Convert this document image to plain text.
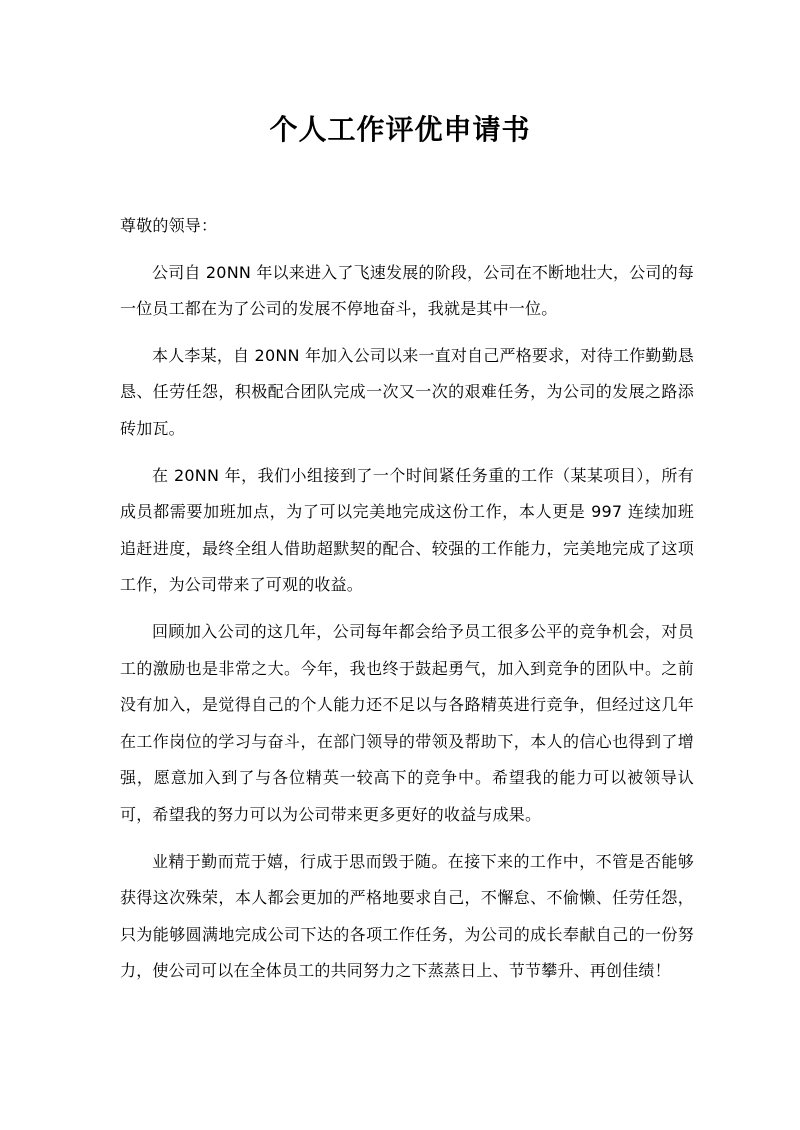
个人工作评优申请书

尊敬的领导：

公司自 20NN 年以来进入了飞速发展的阶段，公司在不断地壮大，公司的每一位员工都在为了公司的发展不停地奋斗，我就是其中一位。

本人李某，自 20NN 年加入公司以来一直对自己严格要求，对待工作勤勤恳恳、任劳任怨，积极配合团队完成一次又一次的艰难任务，为公司的发展之路添砖加瓦。

在 20NN 年，我们小组接到了一个时间紧任务重的工作（某某项目），所有成员都需要加班加点，为了可以完美地完成这份工作，本人更是 997 连续加班追赶进度，最终全组人借助超默契的配合、较强的工作能力，完美地完成了这项工作，为公司带来了可观的收益。

回顾加入公司的这几年，公司每年都会给予员工很多公平的竞争机会，对员工的激励也是非常之大。今年，我也终于鼓起勇气，加入到竞争的团队中。之前没有加入，是觉得自己的个人能力还不足以与各路精英进行竞争，但经过这几年在工作岗位的学习与奋斗，在部门领导的带领及帮助下，本人的信心也得到了增强，愿意加入到了与各位精英一较高下的竞争中。希望我的能力可以被领导认可，希望我的努力可以为公司带来更多更好的收益与成果。

业精于勤而荒于嬉，行成于思而毁于随。在接下来的工作中，不管是否能够获得这次殊荣，本人都会更加的严格地要求自己，不懈怠、不偷懒、任劳任怨，只为能够圆满地完成公司下达的各项工作任务，为公司的成长奉献自己的一份努力，使公司可以在全体员工的共同努力之下蒸蒸日上、节节攀升、再创佳绩！
